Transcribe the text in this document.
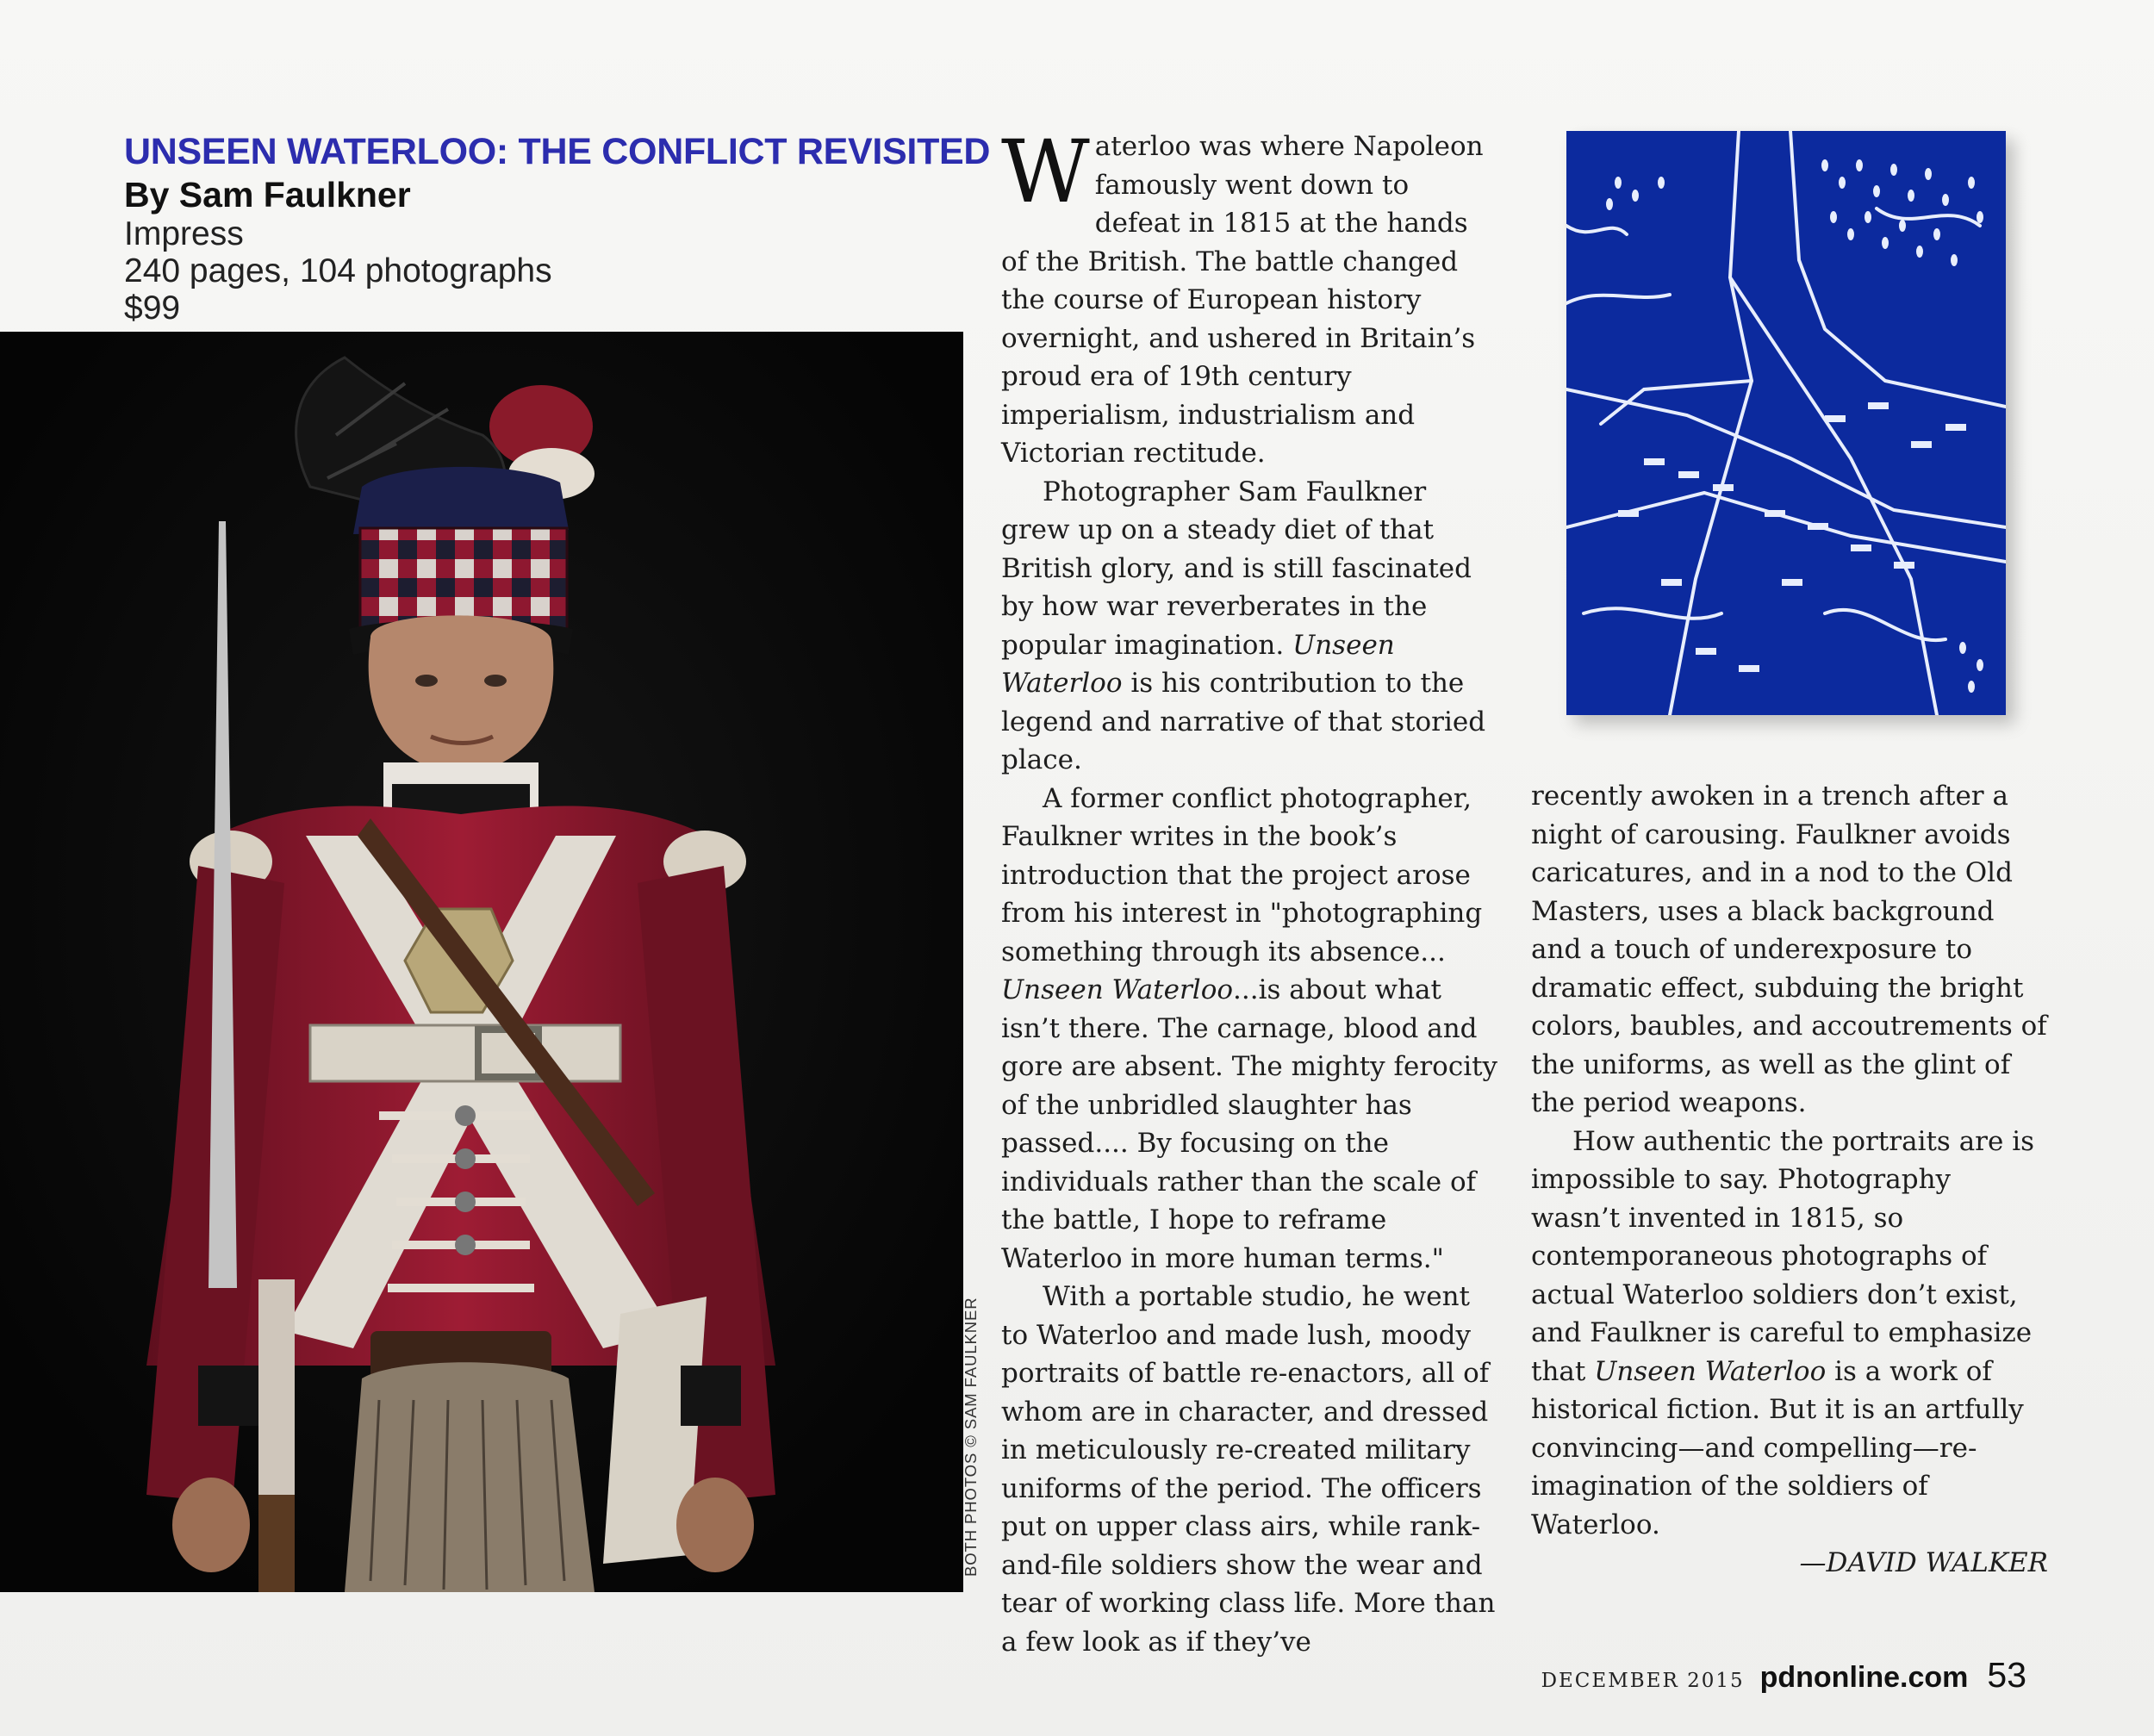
UNSEEN WATERLOO: THE CONFLICT REVISITED
By Sam Faulkner
Impress
240 pages, 104 photographs
$99
BOTH PHOTOS © SAM FAULKNER

Waterloo was where Napoleon famously went down to defeat in 1815 at the hands of the British. The battle changed the course of European history overnight, and ushered in Britain’s proud era of 19th century imperialism, industrialism and Victorian rectitude.

Photographer Sam Faulkner grew up on a steady diet of that British glory, and is still fascinated by how war reverberates in the popular imagination. Unseen Waterloo is his contribution to the legend and narrative of that storied place.

A former conflict photographer, Faulkner writes in the book’s introduction that the project arose from his interest in "photographing something through its absence... Unseen Waterloo...is about what isn’t there. The carnage, blood and gore are absent. The mighty ferocity of the unbridled slaughter has passed.... By focusing on the individuals rather than the scale of the battle, I hope to reframe Waterloo in more human terms."

With a portable studio, he went to Waterloo and made lush, moody portraits of battle re-enactors, all of whom are in character, and dressed in meticulously re-created military uniforms of the period. The officers put on upper class airs, while rank-and-file soldiers show the wear and tear of working class life. More than a few look as if they’ve

recently awoken in a trench after a night of carousing. Faulkner avoids caricatures, and in a nod to the Old Masters, uses a black background and a touch of underexposure to dramatic effect, subduing the bright colors, baubles, and accoutrements of the uniforms, as well as the glint of the period weapons.

How authentic the portraits are is impossible to say. Photography wasn’t invented in 1815, so contemporaneous photographs of actual Waterloo soldiers don’t exist, and Faulkner is careful to emphasize that Unseen Waterloo is a work of historical fiction. But it is an artfully convincing—and compelling—re-imagination of the soldiers of Waterloo.

—DAVID WALKER

DECEMBER 2015 pdnonline.com 53
